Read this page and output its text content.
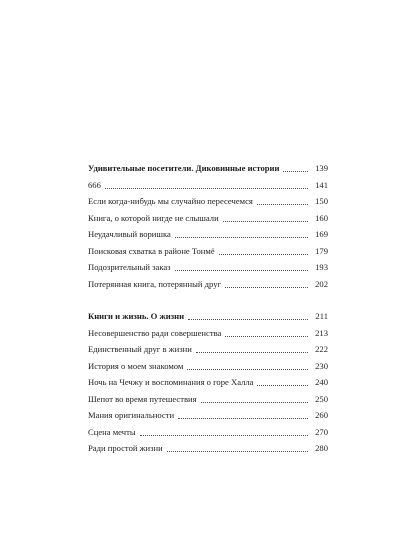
Удивительные посетители. Диковинные истории	139
666	141
Если когда-нибудь мы случайно пересечемся	150
Книга, о которой нигде не слышали	160
Неудачливый воришка	169
Поисковая схватка в районе Тонмё	179
Подозрительный заказ	193
Потерянная книга, потерянный друг	202
Книги и жизнь. О жизни	211
Несовершенство ради совершенства	213
Единственный друг в жизни	222
История о моем знакомом	230
Ночь на Чечжу и воспоминания о горе Халла	240
Шепот во время путешествия	250
Мания оригинальности	260
Сцена мечты	270
Ради простой жизни	280
